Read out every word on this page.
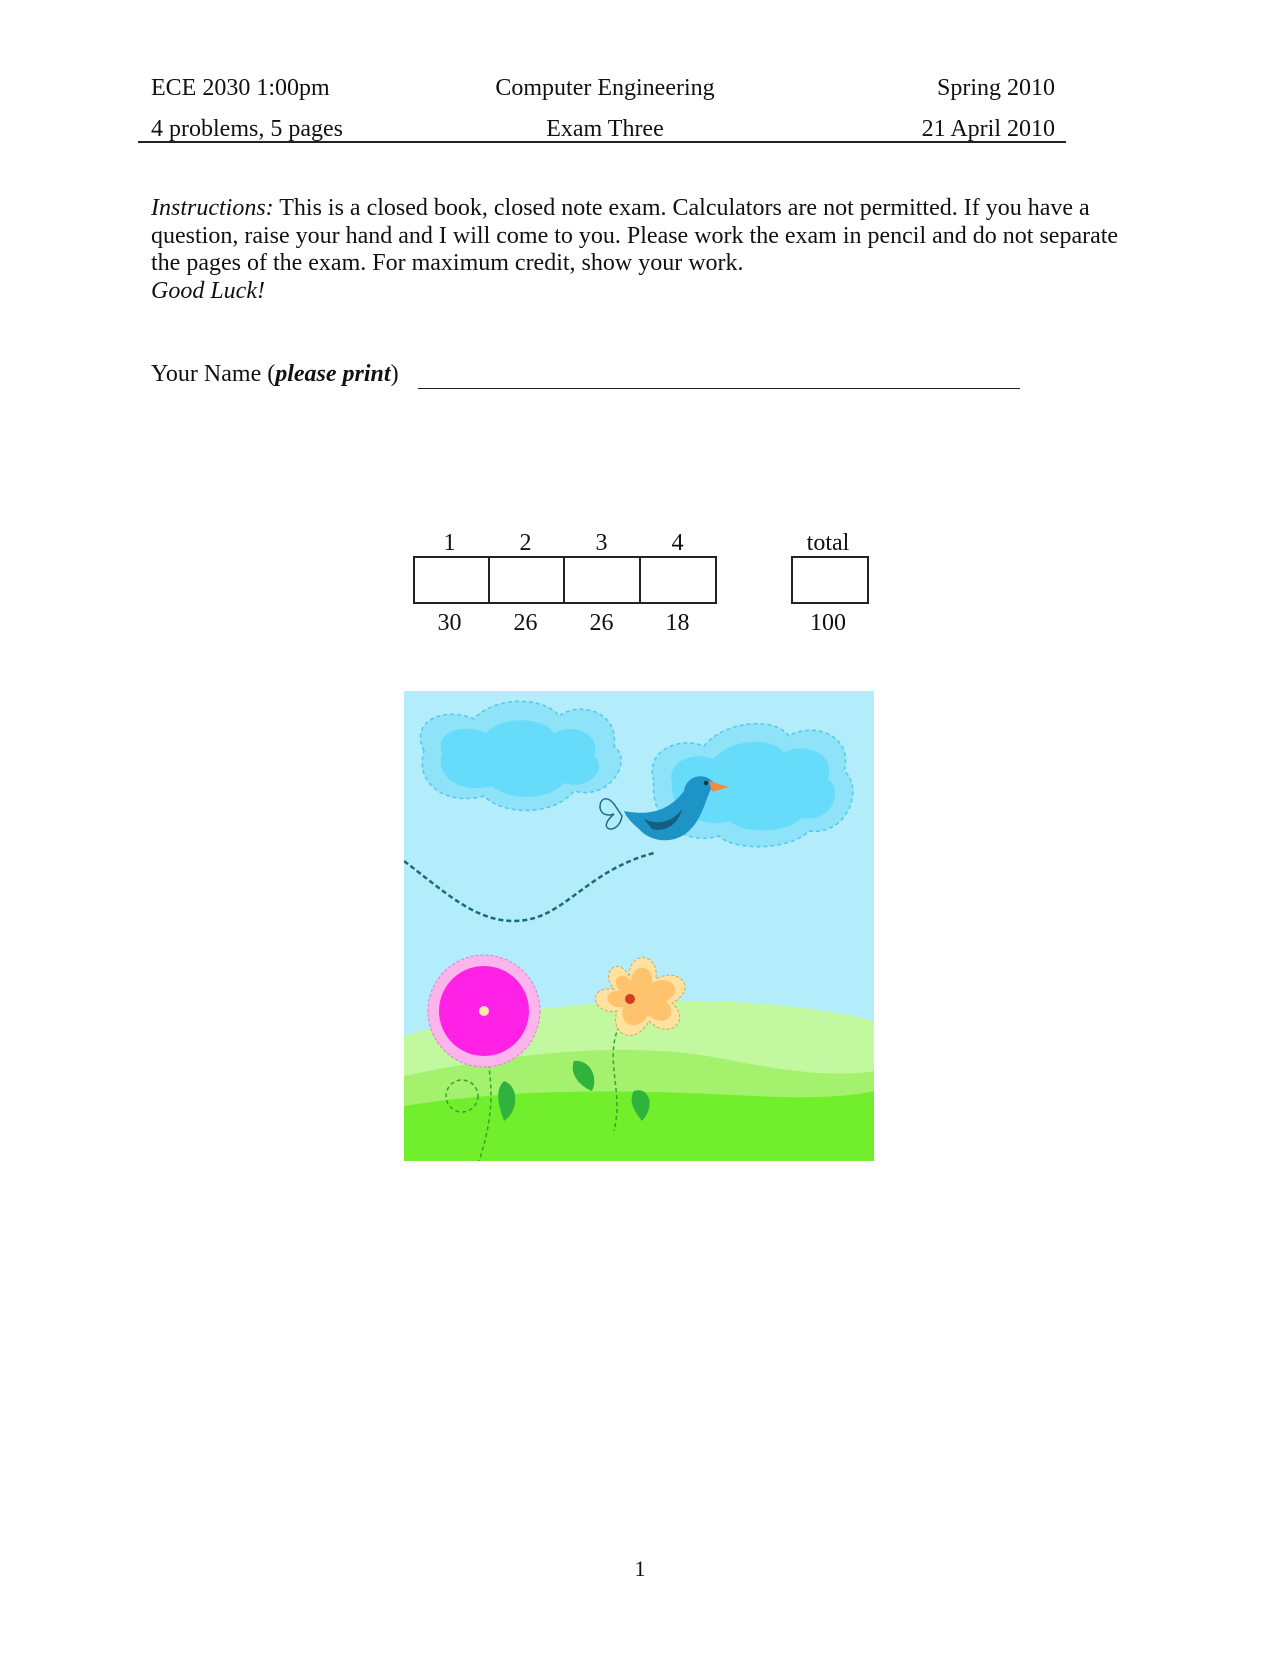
ECE 2030 1:00pm	Computer Engineering	Spring 2010
4 problems, 5 pages	Exam Three	21 April 2010

Instructions: This is a closed book, closed note exam. Calculators are not permitted. If you have a question, raise your hand and I will come to you. Please work the exam in pencil and do not separate the pages of the exam. For maximum credit, show your work.

Good Luck!

Your Name (please print)
1	2	3	4	total
30	26	26	18	100
1
